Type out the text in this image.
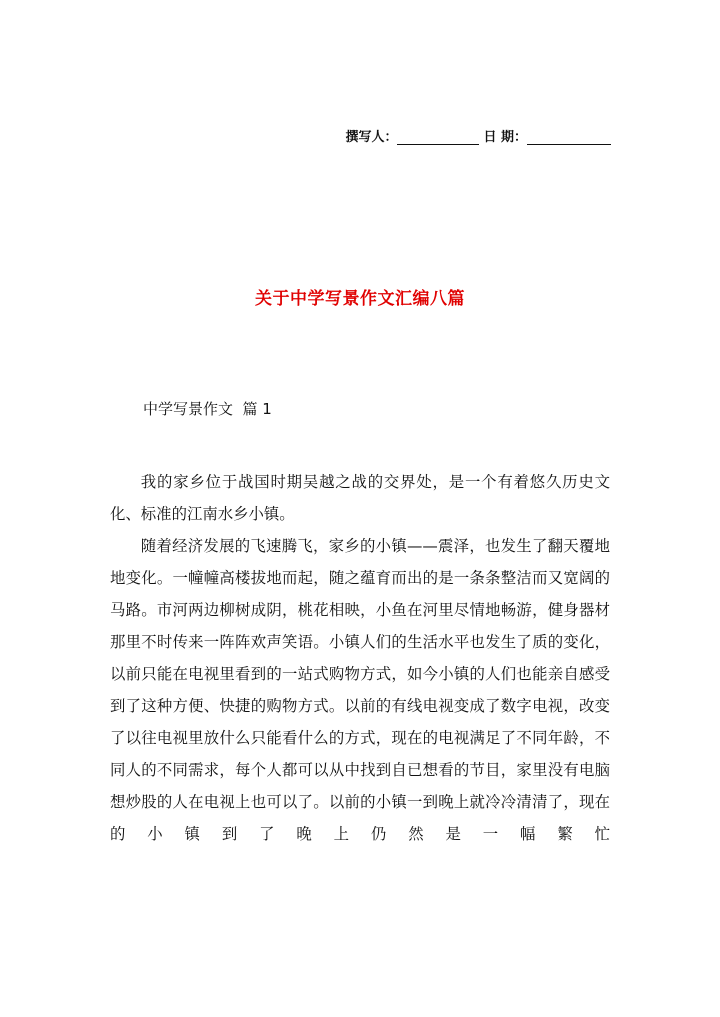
撰写人：	日 期：
关于中学写景作文汇编八篇
中学写景作文  篇 1

我的家乡位于战国时期吴越之战的交界处，是一个有着悠久历史文化、标准的江南水乡小镇。

随着经济发展的飞速腾飞，家乡的小镇——震泽，也发生了翻天覆地地变化。一幢幢高楼拔地而起，随之蕴育而出的是一条条整洁而又宽阔的马路。市河两边柳树成阴，桃花相映，小鱼在河里尽情地畅游，健身器材那里不时传来一阵阵欢声笑语。小镇人们的生活水平也发生了质的变化，以前只能在电视里看到的一站式购物方式，如今小镇的人们也能亲自感受到了这种方便、快捷的购物方式。以前的有线电视变成了数字电视，改变了以往电视里放什么只能看什么的方式，现在的电视满足了不同年龄，不同人的不同需求，每个人都可以从中找到自已想看的节目，家里没有电脑想炒股的人在电视上也可以了。以前的小镇一到晚上就冷冷清清了，现在的小镇到了晚上仍然是一幅繁忙
